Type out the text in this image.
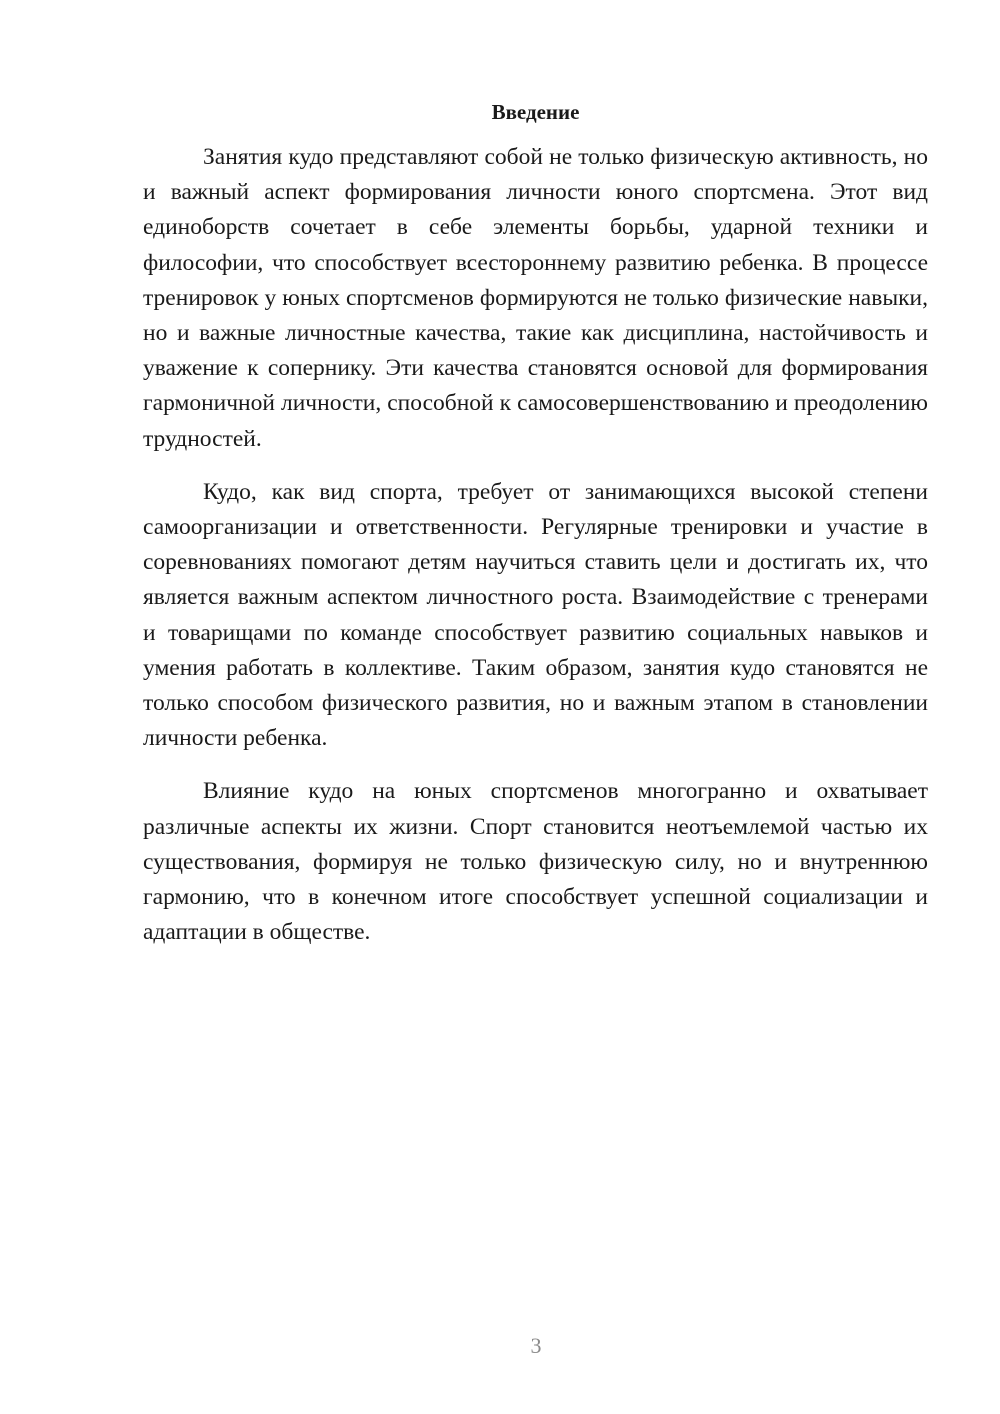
Введение

Занятия кудо представляют собой не только физическую активность, но и важный аспект формирования личности юного спортсмена. Этот вид единоборств сочетает в себе элементы борьбы, ударной техники и философии, что способствует всестороннему развитию ребенка. В процессе тренировок у юных спортсменов формируются не только физические навыки, но и важные личностные качества, такие как дисциплина, настойчивость и уважение к сопернику. Эти качества становятся основой для формирования гармоничной личности, способной к самосовершенствованию и преодолению трудностей.

Кудо, как вид спорта, требует от занимающихся высокой степени самоорганизации и ответственности. Регулярные тренировки и участие в соревнованиях помогают детям научиться ставить цели и достигать их, что является важным аспектом личностного роста. Взаимодействие с тренерами и товарищами по команде способствует развитию социальных навыков и умения работать в коллективе. Таким образом, занятия кудо становятся не только способом физического развития, но и важным этапом в становлении личности ребенка.

Влияние кудо на юных спортсменов многогранно и охватывает различные аспекты их жизни. Спорт становится неотъемлемой частью их существования, формируя не только физическую силу, но и внутреннюю гармонию, что в конечном итоге способствует успешной социализации и адаптации в обществе.

3
